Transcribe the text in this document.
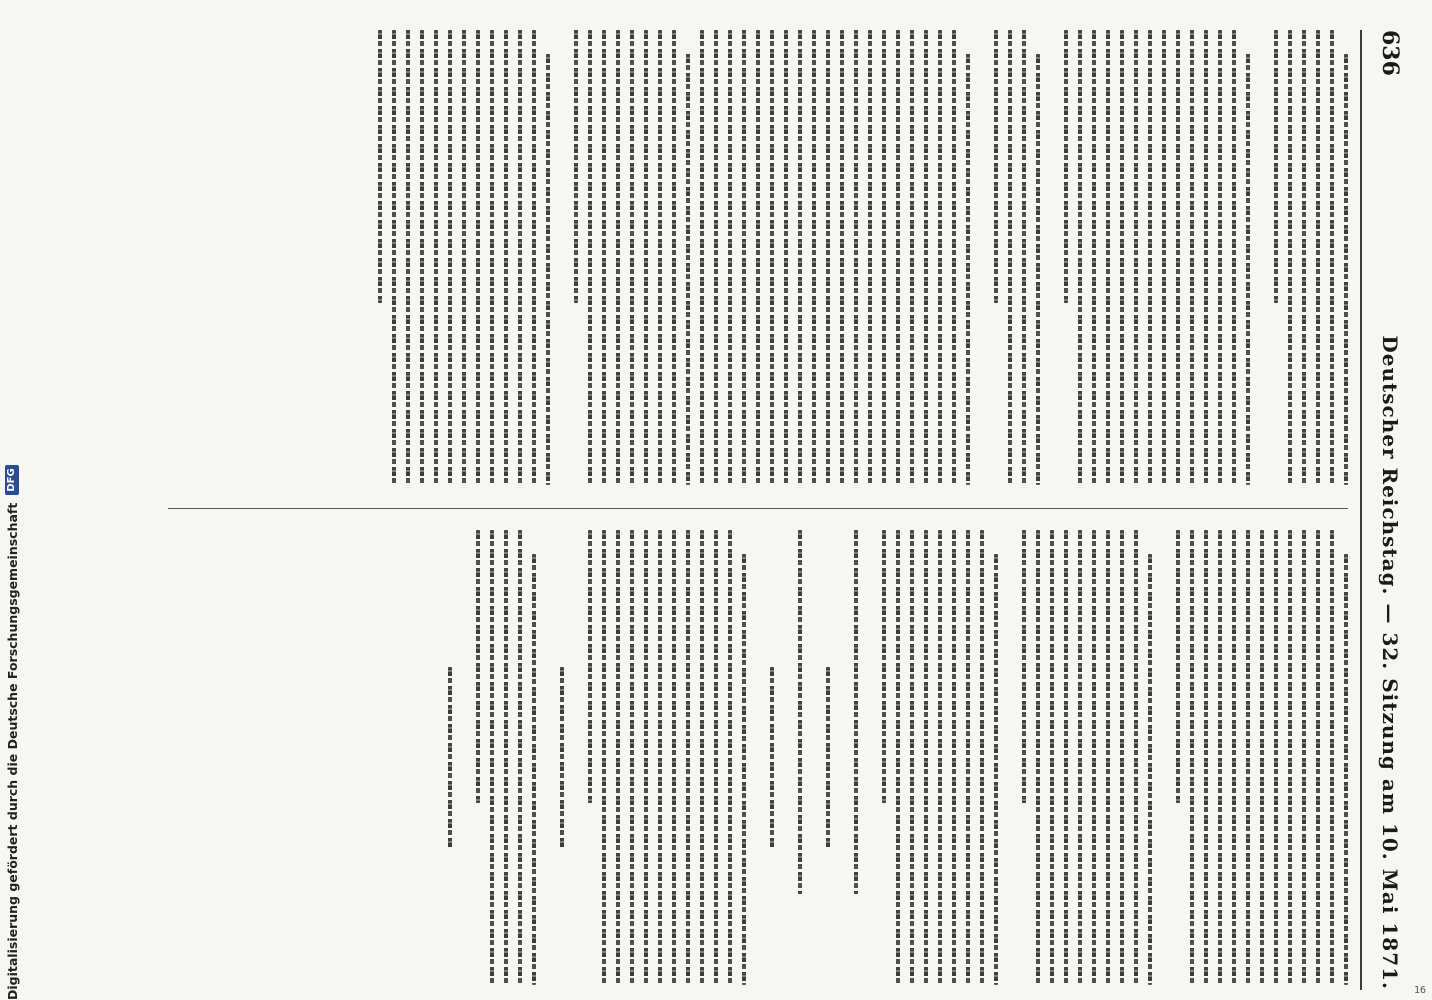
636
Deutscher Reichstag. — 32. Sitzung am 10. Mai 1871.
Digitalisierung gefördert durch die Deutsche Forschungsgemeinschaft
DFG
16
